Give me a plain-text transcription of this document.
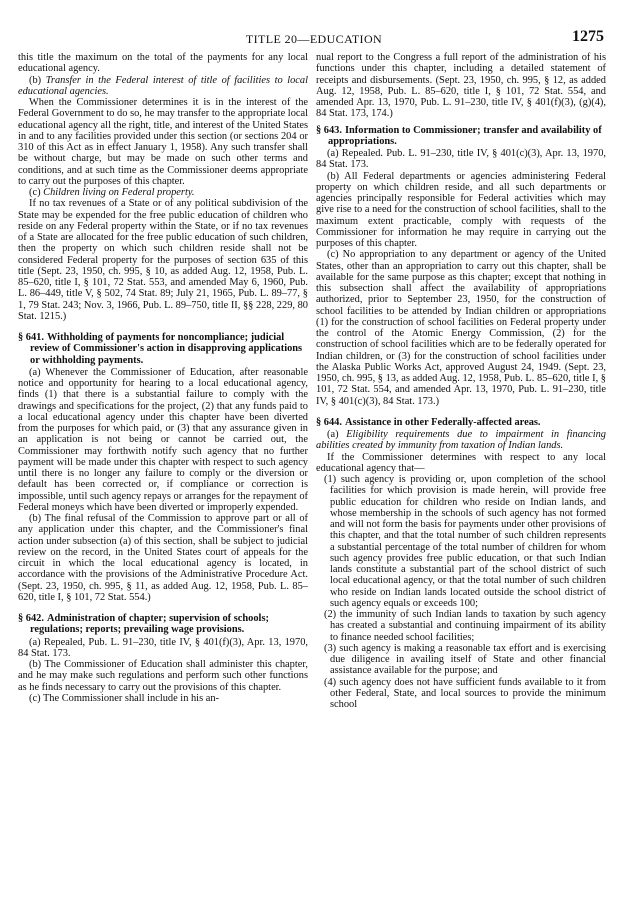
TITLE 20—EDUCATION	1275

this title the maximum on the total of the payments for any local educational agency.

(b) Transfer in the Federal interest of title of facilities to local educational agencies.

When the Commissioner determines it is in the interest of the Federal Government to do so, he may transfer to the appropriate local educational agency all the right, title, and interest of the United States in and to any facilities provided under this section (or sections 204 or 310 of this Act as in effect January 1, 1958). Any such transfer shall be without charge, but may be made on such other terms and conditions, and at such time as the Commissioner deems appropriate to carry out the purposes of this chapter.

(c) Children living on Federal property.

If no tax revenues of a State or of any political subdivision of the State may be expended for the free public education of children who reside on any Federal property within the State, or if no tax revenues of a State are allocated for the free public education of such children, then the property on which such children reside shall not be considered Federal property for the purposes of section 635 of this title (Sept. 23, 1950, ch. 995, § 10, as added Aug. 12, 1958, Pub. L. 85–620, title I, § 101, 72 Stat. 553, and amended May 6, 1960, Pub. L. 86–449, title V, § 502, 74 Stat. 89; July 21, 1965, Pub. L. 89–77, § 1, 79 Stat. 243; Nov. 3, 1966, Pub. L. 89–750, title II, §§ 228, 229, 80 Stat. 1215.)

§ 641. Withholding of payments for noncompliance; judicial review of Commissioner's action in disapproving applications or withholding payments.

(a) Whenever the Commissioner of Education, after reasonable notice and opportunity for hearing to a local educational agency, finds (1) that there is a substantial failure to comply with the drawings and specifications for the project, (2) that any funds paid to a local educational agency under this chapter have been diverted from the purposes for which paid, or (3) that any assurance given in an application is not being or cannot be carried out, the Commissioner may forthwith notify such agency that no further payment will be made under this chapter with respect to such agency until there is no longer any failure to comply or the diversion or default has been corrected or, if compliance or correction is impossible, until such agency repays or arranges for the repayment of Federal moneys which have been diverted or improperly expended.

(b) The final refusal of the Commission to approve part or all of any application under this chapter, and the Commissioner's final action under subsection (a) of this section, shall be subject to judicial review on the record, in the United States court of appeals for the circuit in which the local educational agency is located, in accordance with the provisions of the Administrative Procedure Act. (Sept. 23, 1950, ch. 995, § 11, as added Aug. 12, 1958, Pub. L. 85–620, title I, § 101, 72 Stat. 554.)

§ 642. Administration of chapter; supervision of schools; regulations; reports; prevailing wage provisions.

(a) Repealed, Pub. L. 91–230, title IV, § 401(f)(3), Apr. 13, 1970, 84 Stat. 173.

(b) The Commissioner of Education shall administer this chapter, and he may make such regulations and perform such other functions as he finds necessary to carry out the provisions of this chapter.

(c) The Commissioner shall include in his an-

nual report to the Congress a full report of the administration of his functions under this chapter, including a detailed statement of receipts and disbursements. (Sept. 23, 1950, ch. 995, § 12, as added Aug. 12, 1958, Pub. L. 85–620, title I, § 101, 72 Stat. 554, and amended Apr. 13, 1970, Pub. L. 91–230, title IV, § 401(f)(3), (g)(4), 84 Stat. 173, 174.)

§ 643. Information to Commissioner; transfer and availability of appropriations.

(a) Repealed. Pub. L. 91–230, title IV, § 401(c)(3), Apr. 13, 1970, 84 Stat. 173.

(b) All Federal departments or agencies administering Federal property on which children reside, and all such departments or agencies principally responsible for Federal activities which may give rise to a need for the construction of school facilities, shall to the maximum extent practicable, comply with requests of the Commissioner for information he may require in carrying out the purposes of this chapter.

(c) No appropriation to any department or agency of the United States, other than an appropriation to carry out this chapter, shall be available for the same purpose as this chapter; except that nothing in this subsection shall affect the availability of appropriations authorized, prior to September 23, 1950, for the construction of school facilities to be attended by Indian children or appropriations (1) for the construction of school facilities on Federal property under the control of the Atomic Energy Commission, (2) for the construction of school facilities which are to be federally operated for Indian children, or (3) for the construction of school facilities under the Alaska Public Works Act, approved August 24, 1949. (Sept. 23, 1950, ch. 995, § 13, as added Aug. 12, 1958, Pub. L. 85–620, title I, § 101, 72 Stat. 554, and amended Apr. 13, 1970, Pub. L. 91–230, title IV, § 401(c)(3), 84 Stat. 173.)

§ 644. Assistance in other Federally-affected areas.

(a) Eligibility requirements due to impairment in financing abilities created by immunity from taxation of Indian lands.

If the Commissioner determines with respect to any local educational agency that—

(1) such agency is providing or, upon completion of the school facilities for which provision is made herein, will provide free public education for children who reside on Indian lands, and whose membership in the schools of such agency has not formed and will not form the basis for payments under other provisions of this chapter, and that the total number of such children represents a substantial percentage of the total number of children for whom such agency provides free public education, or that such Indian lands constitute a substantial part of the school district of such local educational agency, or that the total number of such children who reside on Indian lands located outside the school district of such agency equals or exceeds 100;

(2) the immunity of such Indian lands to taxation by such agency has created a substantial and continuing impairment of its ability to finance needed school facilities;

(3) such agency is making a reasonable tax effort and is exercising due diligence in availing itself of State and other financial assistance available for the purpose; and

(4) such agency does not have sufficient funds available to it from other Federal, State, and local sources to provide the minimum school
